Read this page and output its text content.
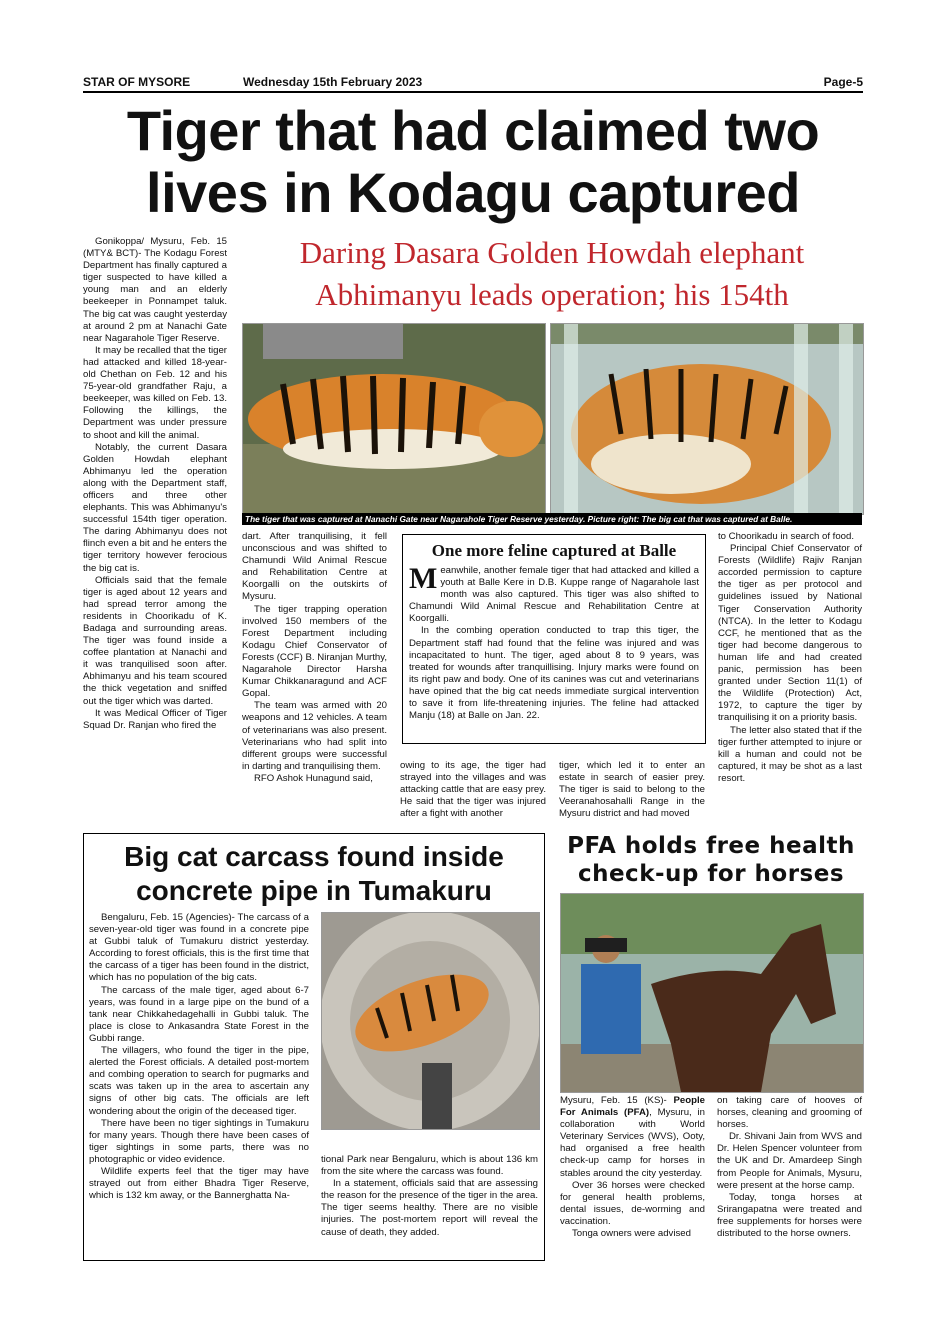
STAR OF MYSORE	Wednesday 15th February 2023	Page-5
Tiger that had claimed two
lives in Kodagu captured
Daring Dasara Golden Howdah elephant
Abhimanyu leads operation; his 154th

Gonikoppa/ Mysuru, Feb. 15 (MTY& BCT)- The Kodagu Forest Department has finally captured a tiger suspected to have killed a young man and an elderly beekeeper in Ponnampet taluk. The big cat was caught yesterday at around 2 pm at Nanachi Gate near Nagarahole Tiger Reserve.

It may be recalled that the tiger had attacked and killed 18-year-old Chethan on Feb. 12 and his 75-year-old grandfather Raju, a beekeeper, was killed on Feb. 13. Following the killings, the Department was under pressure to shoot and kill the animal.

Notably, the current Dasara Golden Howdah elephant Abhimanyu led the operation along with the Department staff, officers and three other elephants. This was Abhimanyu's successful 154th tiger operation. The daring Abhimanyu does not flinch even a bit and he enters the tiger territory however ferocious the big cat is.

Officials said that the female tiger is aged about 12 years and had spread terror among the residents in Choorikadu of K. Badaga and surrounding areas. The tiger was found inside a coffee plantation at Nanachi and it was tranquilised soon after. Abhimanyu and his team scoured the thick vegetation and sniffed out the tiger which was darted.

It was Medical Officer of Tiger Squad Dr. Ranjan who fired the

The tiger that was captured at Nanachi Gate near Nagarahole Tiger Reserve yesterday. Picture right: The big cat that was captured at Balle.

dart. After tranquilising, it fell unconscious and was shifted to Chamundi Wild Animal Rescue and Rehabilitation Centre at Koorgalli on the outskirts of Mysuru.

The tiger trapping operation involved 150 members of the Forest Department including Kodagu Chief Conservator of Forests (CCF) B. Niranjan Murthy, Nagarahole Director Harsha Kumar Chikkanaragund and ACF Gopal.

The team was armed with 20 weapons and 12 vehicles. A team of veterinarians was also present. Veterinarians who had split into different groups were successful in darting and tranquilising them.

RFO Ashok Hunagund said,

One more feline captured at Balle

Meanwhile, another female tiger that had attacked and killed a youth at Balle Kere in D.B. Kuppe range of Nagarahole last month was also captured. This tiger was also shifted to Chamundi Wild Animal Rescue and Rehabilitation Centre at Koorgalli.

In the combing operation conducted to trap this tiger, the Department staff had found that the feline was injured and was incapacitated to hunt. The tiger, aged about 8 to 9 years, was treated for wounds after tranquillising. Injury marks were found on its right paw and body. One of its canines was cut and veterinarians have opined that the big cat needs immediate surgical intervention to save it from life-threatening injuries. The feline had attacked Manju (18) at Balle on Jan. 22.

owing to its age, the tiger had strayed into the villages and was attacking cattle that are easy prey. He said that the tiger was injured after a fight with another

tiger, which led it to enter an estate in search of easier prey. The tiger is said to belong to the Veeranahosahalli Range in the Mysuru district and had moved

to Choorikadu in search of food.

Principal Chief Conservator of Forests (Wildlife) Rajiv Ranjan accorded permission to capture the tiger as per protocol and guidelines issued by National Tiger Conservation Authority (NTCA). In the letter to Kodagu CCF, he mentioned that as the tiger had become dangerous to human life and had created panic, permission has been granted under Section 11(1) of the Wildlife (Protection) Act, 1972, to capture the tiger by tranquilising it on a priority basis.

The letter also stated that if the tiger further attempted to injure or kill a human and could not be captured, it may be shot as a last resort.

Big cat carcass found inside
concrete pipe in Tumakuru

Bengaluru, Feb. 15 (Agencies)- The carcass of a seven-year-old tiger was found in a concrete pipe at Gubbi taluk of Tumakuru district yesterday. According to forest officials, this is the first time that the carcass of a tiger has been found in the district, which has no population of the big cats.

The carcass of the male tiger, aged about 6-7 years, was found in a large pipe on the bund of a tank near Chikkahedagehalli in Gubbi taluk. The place is close to Ankasandra State Forest in the Gubbi range.

The villagers, who found the tiger in the pipe, alerted the Forest officials. A detailed post-mortem and combing operation to search for pugmarks and scats was taken up in the area to ascertain any signs of other big cats. The officials are left wondering about the origin of the deceased tiger.

There have been no tiger sightings in Tumakuru for many years. Though there have been cases of tiger sightings in some parts, there was no photographic or video evidence.

Wildlife experts feel that the tiger may have strayed out from either Bhadra Tiger Reserve, which is 132 km away, or the Bannerghatta Na-

tional Park near Bengaluru, which is about 136 km from the site where the carcass was found.

In a statement, officials said that are assessing the reason for the presence of the tiger in the area. The tiger seems healthy. There are no visible injuries. The post-mortem report will reveal the cause of death, they added.

PFA holds free health
check-up for horses

Mysuru, Feb. 15 (KS)- People For Animals (PFA), Mysuru, in collaboration with World Veterinary Services (WVS), Ooty, had organised a free health check-up camp for horses in stables around the city yesterday.

Over 36 horses were checked for general health problems, dental issues, de-worming and vaccination.

Tonga owners were advised

on taking care of hooves of horses, cleaning and grooming of horses.

Dr. Shivani Jain from WVS and Dr. Helen Spencer volunteer from the UK and Dr. Amardeep Singh from People for Animals, Mysuru, were present at the horse camp.

Today, tonga horses at Srirangapatna were treated and free supplements for horses were distributed to the horse owners.
